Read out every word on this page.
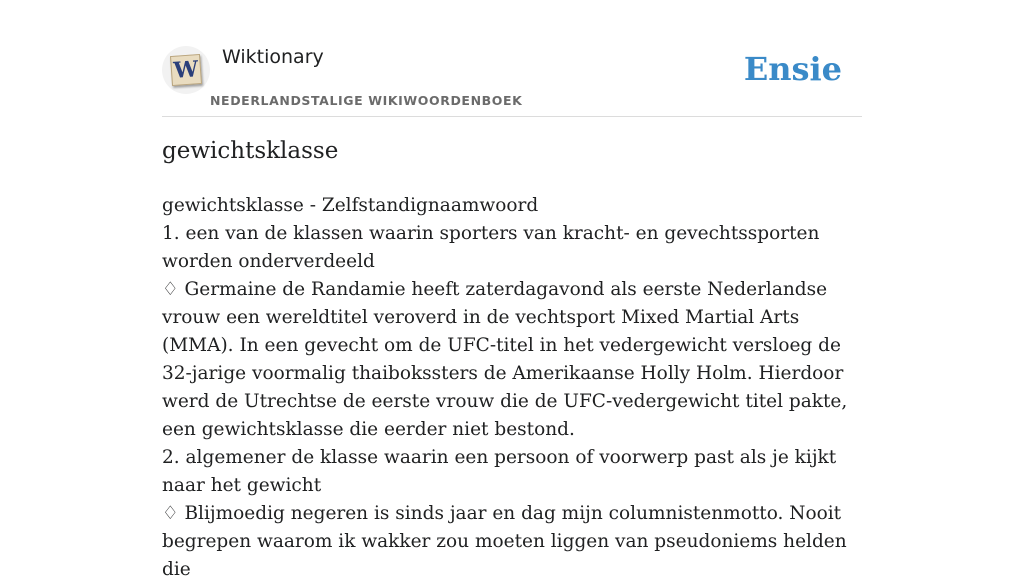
W Wiktionary
NEDERLANDSTALIGE WIKIWOORDENBOEK
Ensie
gewichtsklasse

gewichtsklasse - Zelfstandignaamwoord

1. een van de klassen waarin sporters van kracht- en gevechtssporten worden onderverdeeld

♢ Germaine de Randamie heeft zaterdagavond als eerste Nederlandse vrouw een wereldtitel veroverd in de vechtsport Mixed Martial Arts (MMA). In een gevecht om de UFC-titel in het vedergewicht versloeg de 32-jarige voormalig thaibokssters de Amerikaanse Holly Holm. Hierdoor werd de Utrechtse de eerste vrouw die de UFC-vedergewicht titel pakte, een gewichtsklasse die eerder niet bestond.

2. algemener de klasse waarin een persoon of voorwerp past als je kijkt naar het gewicht

♢ Blijmoedig negeren is sinds jaar en dag mijn columnistenmotto. Nooit begrepen waarom ik wakker zou moeten liggen van pseudoniems helden die
